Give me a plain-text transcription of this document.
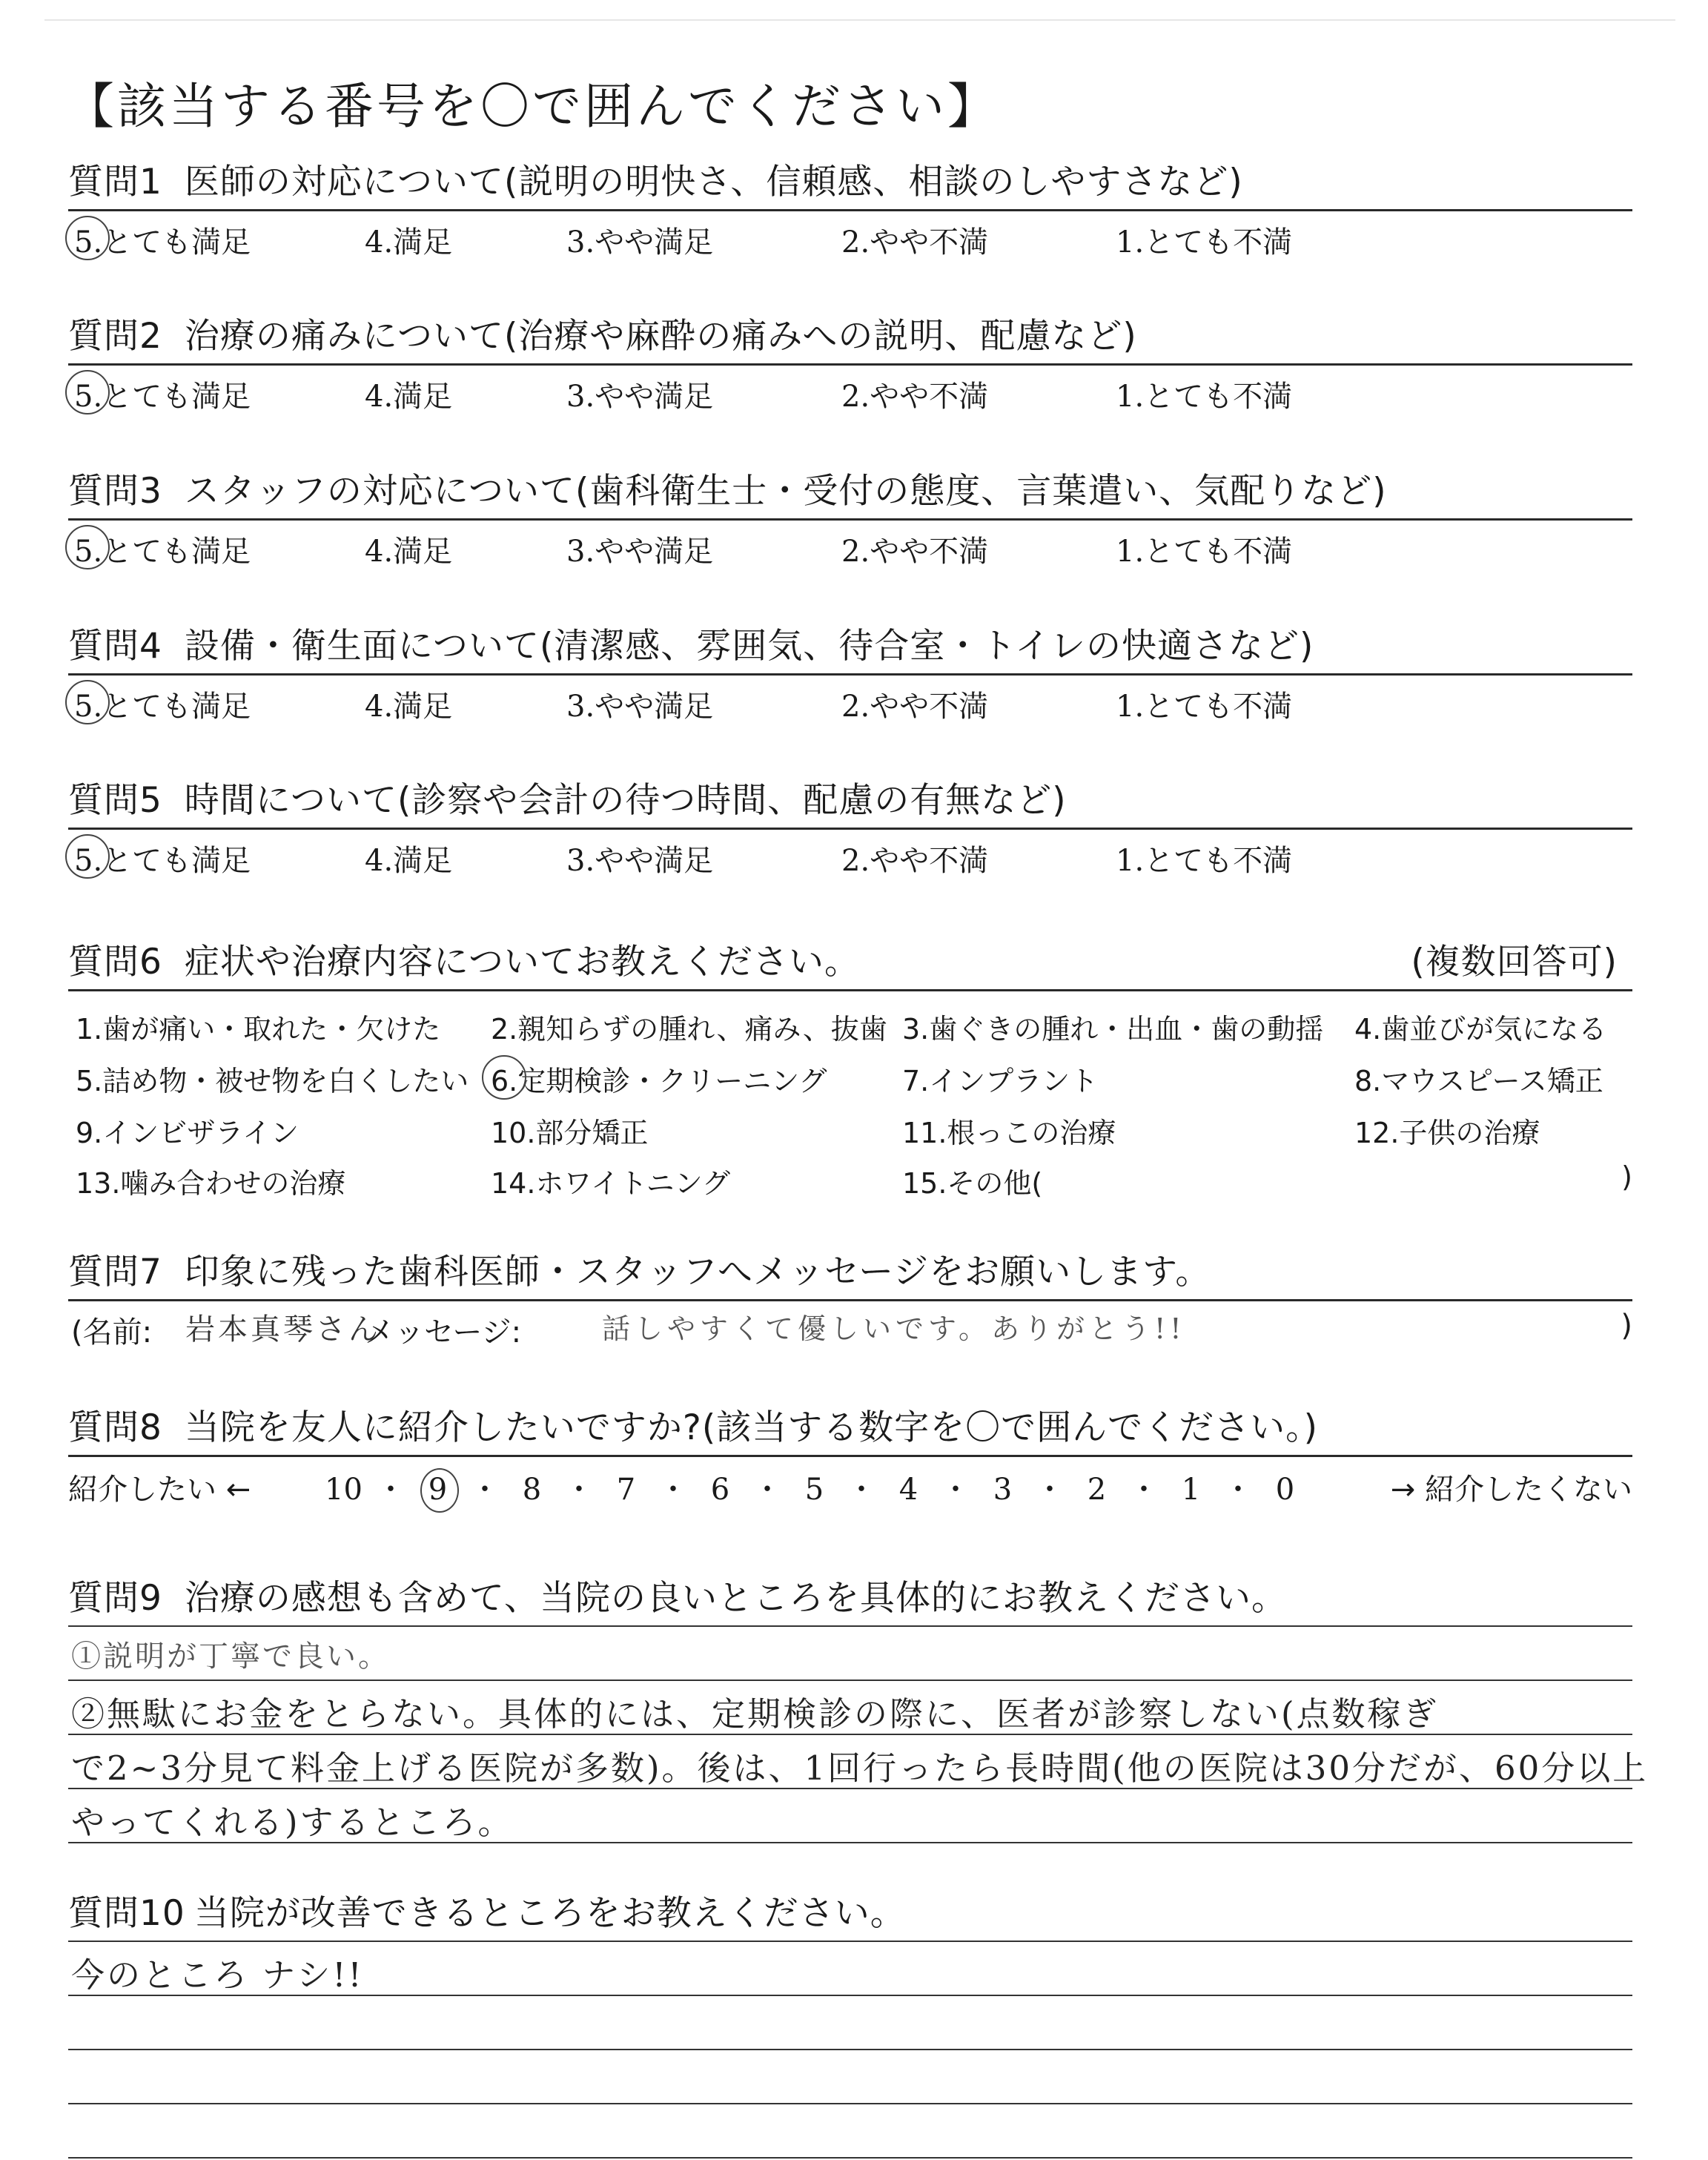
【該当する番号を〇で囲んでください】
質問1 医師の対応について(説明の明快さ、信頼感、相談のしやすさなど)
5.とても満足	4.満足	3.やや満足	2.やや不満	1.とても不満
質問2 治療の痛みについて(治療や麻酔の痛みへの説明、配慮など)
5.とても満足	4.満足	3.やや満足	2.やや不満	1.とても不満
質問3 スタッフの対応について(歯科衛生士・受付の態度、言葉遣い、気配りなど)
5.とても満足	4.満足	3.やや満足	2.やや不満	1.とても不満
質問4 設備・衛生面について(清潔感、雰囲気、待合室・トイレの快適さなど)
5.とても満足	4.満足	3.やや満足	2.やや不満	1.とても不満
質問5 時間について(診察や会計の待つ時間、配慮の有無など)
5.とても満足	4.満足	3.やや満足	2.やや不満	1.とても不満
質問6 症状や治療内容についてお教えください。	(複数回答可)
1.歯が痛い・取れた・欠けた 2.親知らずの腫れ、痛み、抜歯 3.歯ぐきの腫れ・出血・歯の動揺 4.歯並びが気になる
5.詰め物・被せ物を白くしたい 6.定期検診・クリーニング	7.インプラント	8.マウスピース矯正
9.インビザライン	10.部分矯正	11.根っこの治療	12.子供の治療
13.噛み合わせの治療	14.ホワイトニング	15.その他(	)
質問7 印象に残った歯科医師・スタッフへメッセージをお願いします。
(名前: 岩本真琴さん
メッセージ:	話しやすくて優しいです。ありがとう!!	)
質問8 当院を友人に紹介したいですか?(該当する数字を〇で囲んでください。)
紹介したい ← 10 ・ 9 ・ 8 ・ 7 ・ 6 ・ 5 ・ 4 ・ 3 ・ 2 ・ 1 ・ 0	→ 紹介したくない
質問9 治療の感想も含めて、当院の良いところを具体的にお教えください。
①説明が丁寧で良い。
②無駄にお金をとらない。具体的には、定期検診の際に、医者が診察しない(点数稼ぎ
で2~3分見て料金上げる医院が多数)。後は、1回行ったら長時間(他の医院は30分だが、60分以上
やってくれる)するところ。
質問10 当院が改善できるところをお教えください。
今のところ ナシ!!
